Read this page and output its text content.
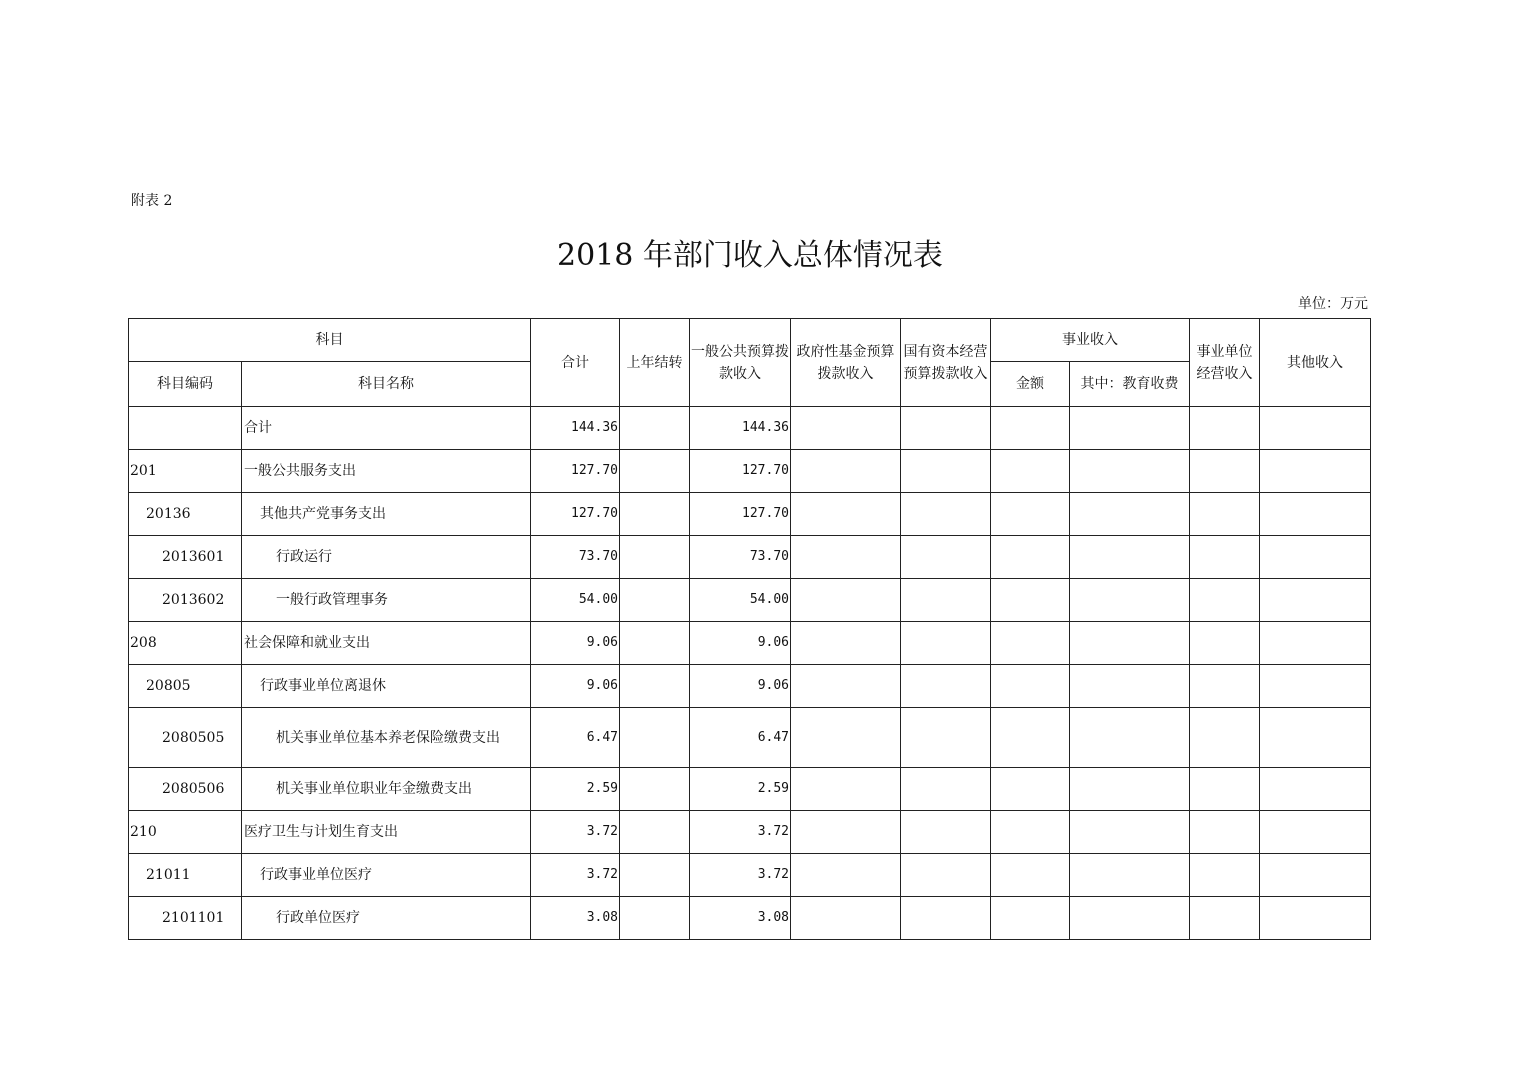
附表 2
2018 年部门收入总体情况表
单位：万元
科目		合计	上年结转	一般公共预算拨款收入	政府性基金预算拨款收入	国有资本经营预算拨款收入	事业收入		事业单位经营收入	其他收入
科目编码	科目名称						金额	其中：教育收费		
	合计	144.36		144.36						
201	一般公共服务支出	127.70		127.70						
20136	其他共产党事务支出	127.70		127.70						
2013601	行政运行	73.70		73.70						
2013602	一般行政管理事务	54.00		54.00						
208	社会保障和就业支出	9.06		9.06						
20805	行政事业单位离退休	9.06		9.06						
2080505	机关事业单位基本养老保险缴费支出	6.47		6.47						
2080506	机关事业单位职业年金缴费支出	2.59		2.59						
210	医疗卫生与计划生育支出	3.72		3.72						
21011	行政事业单位医疗	3.72		3.72						
2101101	行政单位医疗	3.08		3.08						
